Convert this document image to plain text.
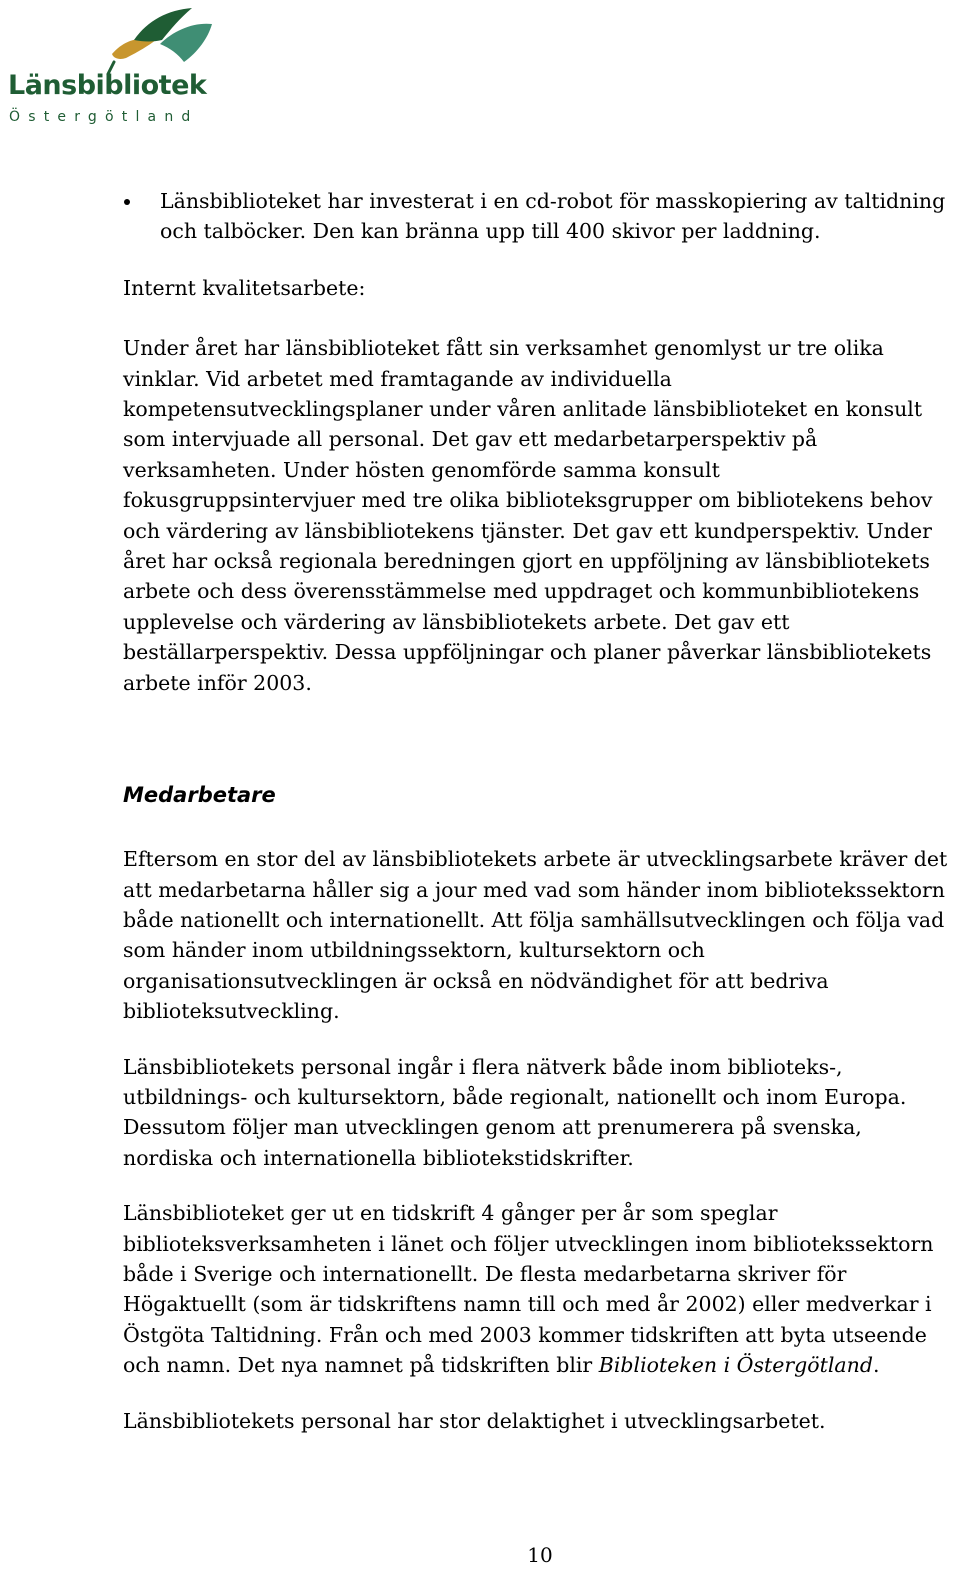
Länsbibliotek
Östergötland
Länsbiblioteket har investerat i en cd-robot för masskopiering av taltidning och talböcker. Den kan bränna upp till 400 skivor per laddning.

Internt kvalitetsarbete:

Under året har länsbiblioteket fått sin verksamhet genomlyst ur tre olika vinklar. Vid arbetet med framtagande av individuella kompetensutvecklingsplaner under våren anlitade länsbiblioteket en konsult som intervjuade all personal. Det gav ett medarbetarperspektiv på verksamheten. Under hösten genomförde samma konsult fokusgruppsintervjuer med tre olika biblioteksgrupper om bibliotekens behov och värdering av länsbibliotekens tjänster. Det gav ett kundperspektiv. Under året har också regionala beredningen gjort en uppföljning av länsbibliotekets arbete och dess överensstämmelse med uppdraget och kommunbibliotekens upplevelse och värdering av länsbibliotekets arbete. Det gav ett beställarperspektiv. Dessa uppföljningar och planer påverkar länsbibliotekets arbete inför 2003.

Medarbetare

Eftersom en stor del av länsbibliotekets arbete är utvecklingsarbete kräver det att medarbetarna håller sig a jour med vad som händer inom bibliotekssektorn både nationellt och internationellt. Att följa samhällsutvecklingen och följa vad som händer inom utbildningssektorn, kultursektorn och organisationsutvecklingen är också en nödvändighet för att bedriva biblioteksutveckling.

Länsbibliotekets personal ingår i flera nätverk både inom biblioteks-, utbildnings- och kultursektorn, både regionalt, nationellt och inom Europa. Dessutom följer man utvecklingen genom att prenumerera på svenska, nordiska och internationella bibliotekstidskrifter.

Länsbiblioteket ger ut en tidskrift 4 gånger per år som speglar biblioteksverksamheten i länet och följer utvecklingen inom bibliotekssektorn både i Sverige och internationellt. De flesta medarbetarna skriver för Högaktuellt (som är tidskriftens namn till och med år 2002) eller medverkar i Östgöta Taltidning. Från och med 2003 kommer tidskriften att byta utseende och namn. Det nya namnet på tidskriften blir Biblioteken i Östergötland.

Länsbibliotekets personal har stor delaktighet i utvecklingsarbetet.

10
